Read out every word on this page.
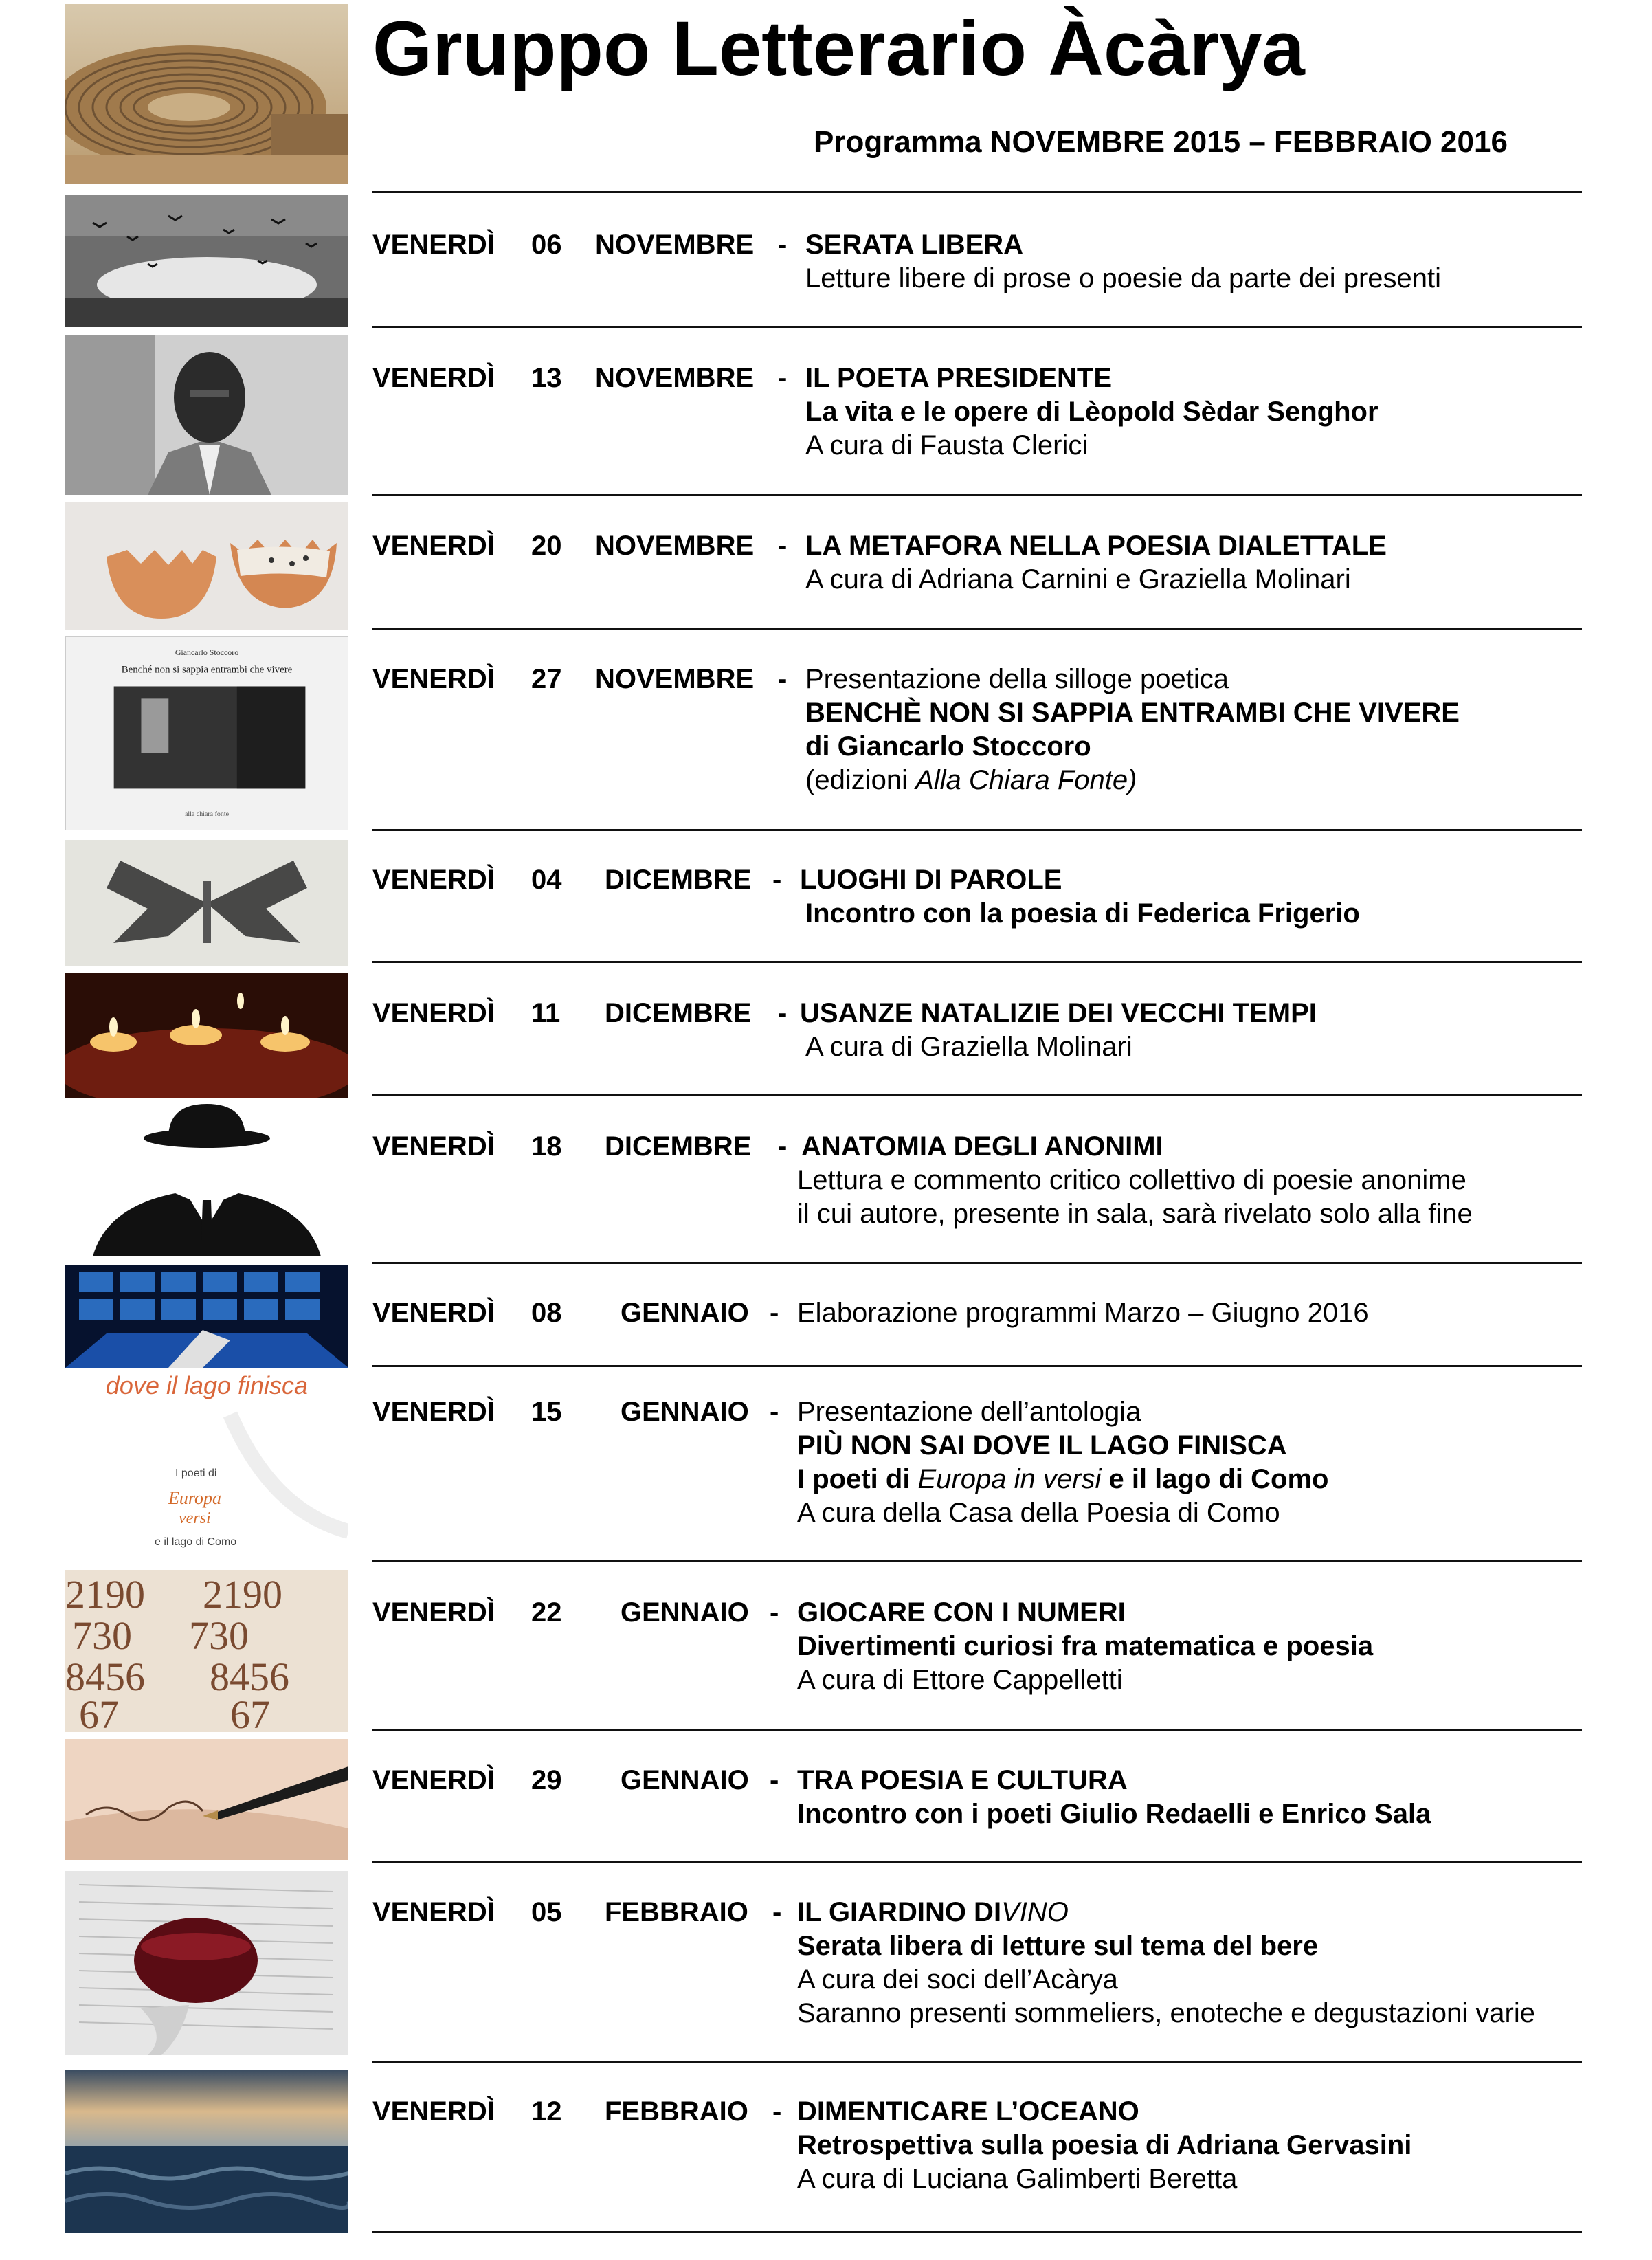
Gruppo Letterario Àcàrya
Programma NOVEMBRE 2015 – FEBBRAIO 2016
VENERDÌ 06 NOVEMBRE - SERATA LIBERA
Letture libere di prose o poesie da parte dei presenti
VENERDÌ 13 NOVEMBRE - IL POETA PRESIDENTE
La vita e le opere di Lèopold Sèdar Senghor
A cura di Fausta Clerici
VENERDÌ 20 NOVEMBRE - LA METAFORA NELLA POESIA DIALETTALE
A cura di Adriana Carnini e Graziella Molinari
Giancarlo Stoccoro
Benché non si sappia entrambi che vivere
alla chiara fonte
VENERDÌ 27 NOVEMBRE - Presentazione della silloge poetica
BENCHÈ NON SI SAPPIA ENTRAMBI CHE VIVERE
di Giancarlo Stoccoro
(edizioni Alla Chiara Fonte)
VENERDÌ 04 DICEMBRE - LUOGHI DI PAROLE
Incontro con la poesia di Federica Frigerio
VENERDÌ 11 DICEMBRE - USANZE NATALIZIE DEI VECCHI TEMPI
A cura di Graziella Molinari
VENERDÌ 18 DICEMBRE - ANATOMIA DEGLI ANONIMI
Lettura e commento critico collettivo di poesie anonime
il cui autore, presente in sala, sarà rivelato solo alla fine
VENERDÌ 08 GENNAIO - Elaborazione programmi Marzo – Giugno 2016
dove il lago finisca
I poeti di
Europa
versi
e il lago di Como
VENERDÌ 15 GENNAIO - Presentazione dell’antologia
PIÙ NON SAI DOVE IL LAGO FINISCA
I poeti di Europa in versi e il lago di Como
A cura della Casa della Poesia di Como
2190 2190
730 730
8456 8456
67	67
VENERDÌ 22 GENNAIO - GIOCARE CON I NUMERI
Divertimenti curiosi fra matematica e poesia
A cura di Ettore Cappelletti
VENERDÌ 29 GENNAIO - TRA POESIA E CULTURA
Incontro con i poeti Giulio Redaelli e Enrico Sala
VENERDÌ 05 FEBBRAIO - IL GIARDINO DIVINO
Serata libera di letture sul tema del bere
A cura dei soci dell’Acàrya
Saranno presenti sommeliers, enoteche e degustazioni varie
VENERDÌ 12 FEBBRAIO - DIMENTICARE L’OCEANO
Retrospettiva sulla poesia di Adriana Gervasini
A cura di Luciana Galimberti Beretta
